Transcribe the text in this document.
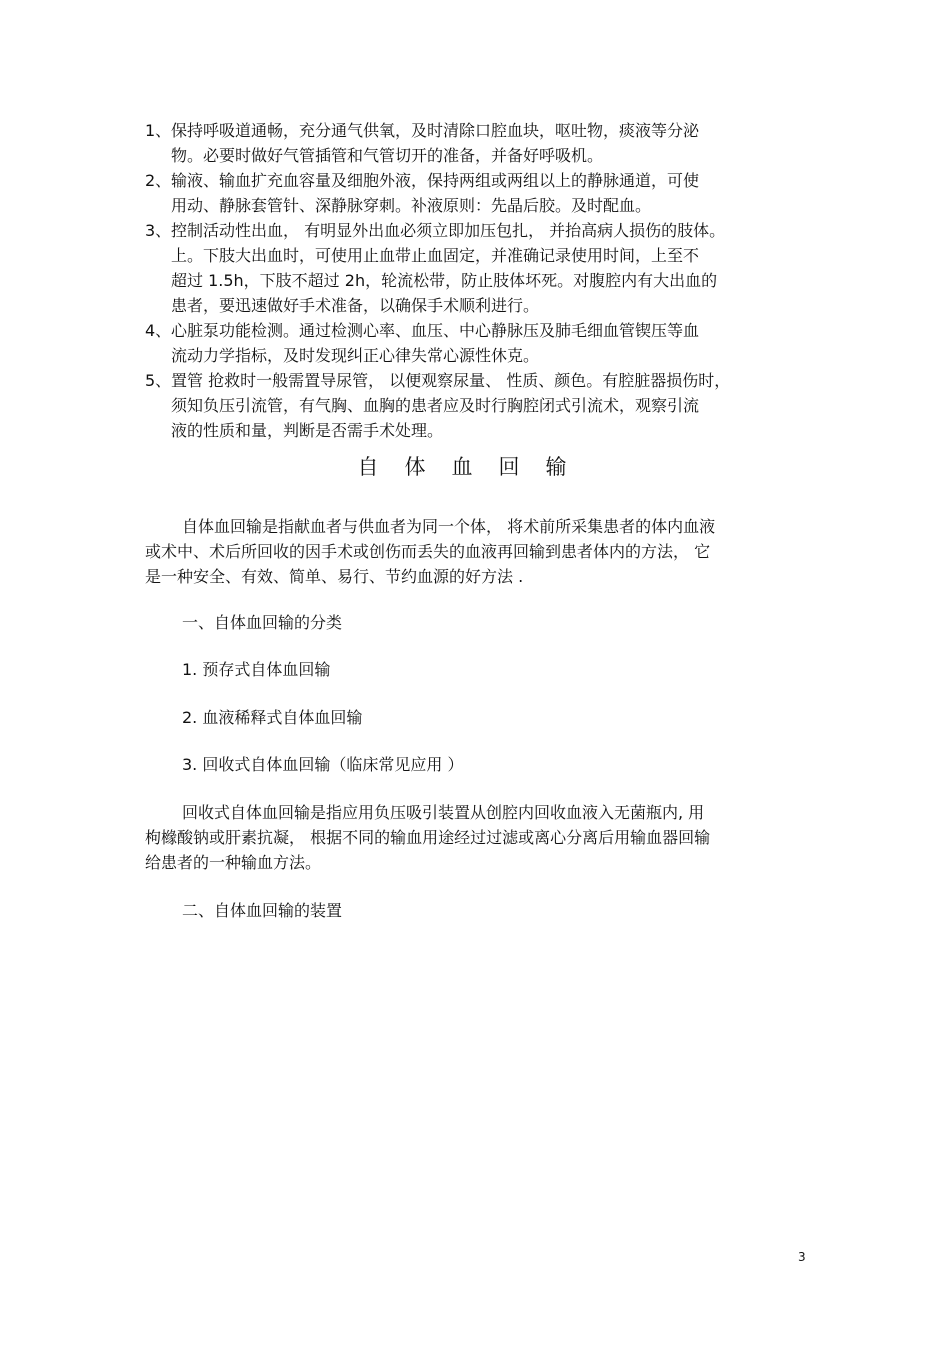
1、 保持呼吸道通畅，充分通气供氧，及时清除口腔血块，呕吐物，痰液等分泌
物。必要时做好气管插管和气管切开的准备，并备好呼吸机。
2、 输液、输血扩充血容量及细胞外液，保持两组或两组以上的静脉通道，可使
用动、静脉套管针、深静脉穿刺。补液原则：先晶后胶。及时配血。
3、 控制活动性出血， 有明显外出血必须立即加压包扎， 并抬高病人损伤的肢体。
上。下肢大出血时，可使用止血带止血固定，并准确记录使用时间，上至不
超过 1.5h，下肢不超过 2h，轮流松带，防止肢体坏死。对腹腔内有大出血的
患者，要迅速做好手术准备，以确保手术顺利进行。
4、 心脏泵功能检测。通过检测心率、血压、中心静脉压及肺毛细血管锲压等血
流动力学指标，及时发现纠正心律失常心源性休克。
5、 置管 抢救时一般需置导尿管， 以便观察尿量、 性质、颜色。有腔脏器损伤时，
须知负压引流管，有气胸、血胸的患者应及时行胸腔闭式引流术，观察引流
液的性质和量，判断是否需手术处理。
自体血回输
自体血回输是指献血者与供血者为同一个体， 将术前所采集患者的体内血液
或术中、术后所回收的因手术或创伤而丢失的血液再回输到患者体内的方法， 它
是一种安全、有效、简单、易行、节约血源的好方法 .
一、自体血回输的分类
1. 预存式自体血回输
2. 血液稀释式自体血回输
3. 回收式自体血回输（临床常见应用 ）
回收式自体血回输是指应用负压吸引装置从创腔内回收血液入无菌瓶内, 用
枸橼酸钠或肝素抗凝， 根据不同的输血用途经过过滤或离心分离后用输血器回输
给患者的一种输血方法。
二、自体血回输的装置
3
